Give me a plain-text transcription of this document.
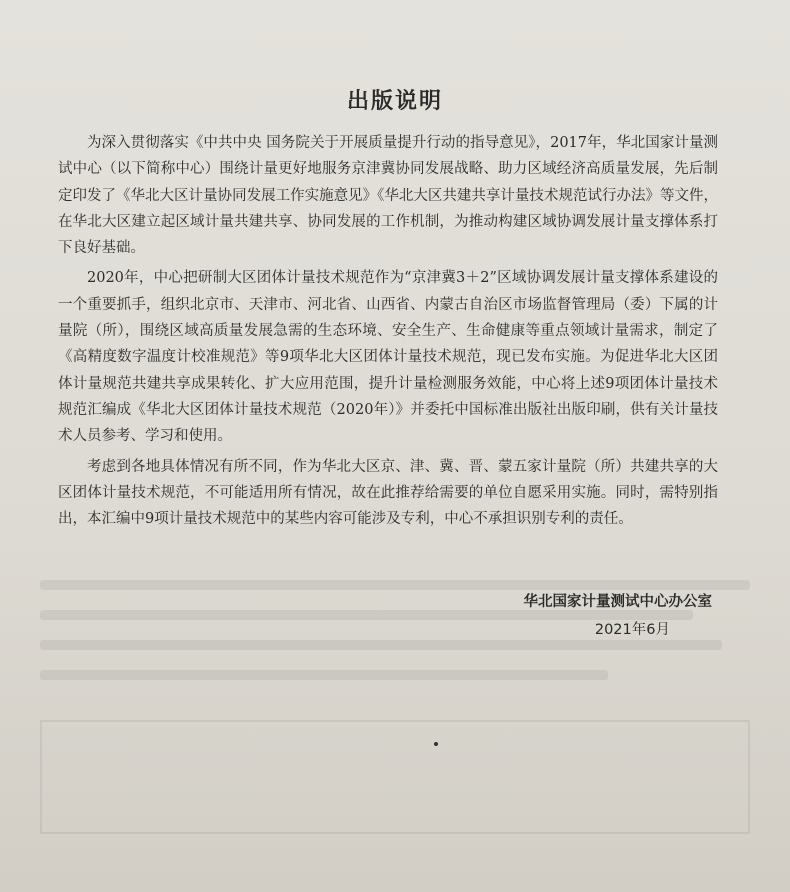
出版说明

为深入贯彻落实《中共中央 国务院关于开展质量提升行动的指导意见》，2017年，华北国家计量测试中心（以下简称中心）围绕计量更好地服务京津冀协同发展战略、助力区域经济高质量发展，先后制定印发了《华北大区计量协同发展工作实施意见》《华北大区共建共享计量技术规范试行办法》等文件，在华北大区建立起区域计量共建共享、协同发展的工作机制，为推动构建区域协调发展计量支撑体系打下良好基础。

2020年，中心把研制大区团体计量技术规范作为“京津冀3＋2”区域协调发展计量支撑体系建设的一个重要抓手，组织北京市、天津市、河北省、山西省、内蒙古自治区市场监督管理局（委）下属的计量院（所），围绕区域高质量发展急需的生态环境、安全生产、生命健康等重点领域计量需求，制定了《高精度数字温度计校准规范》等9项华北大区团体计量技术规范，现已发布实施。为促进华北大区团体计量规范共建共享成果转化、扩大应用范围，提升计量检测服务效能，中心将上述9项团体计量技术规范汇编成《华北大区团体计量技术规范（2020年）》并委托中国标准出版社出版印刷，供有关计量技术人员参考、学习和使用。

考虑到各地具体情况有所不同，作为华北大区京、津、冀、晋、蒙五家计量院（所）共建共享的大区团体计量技术规范，不可能适用所有情况，故在此推荐给需要的单位自愿采用实施。同时，需特别指出，本汇编中9项计量技术规范中的某些内容可能涉及专利，中心不承担识别专利的责任。

华北国家计量测试中心办公室
2021年6月
